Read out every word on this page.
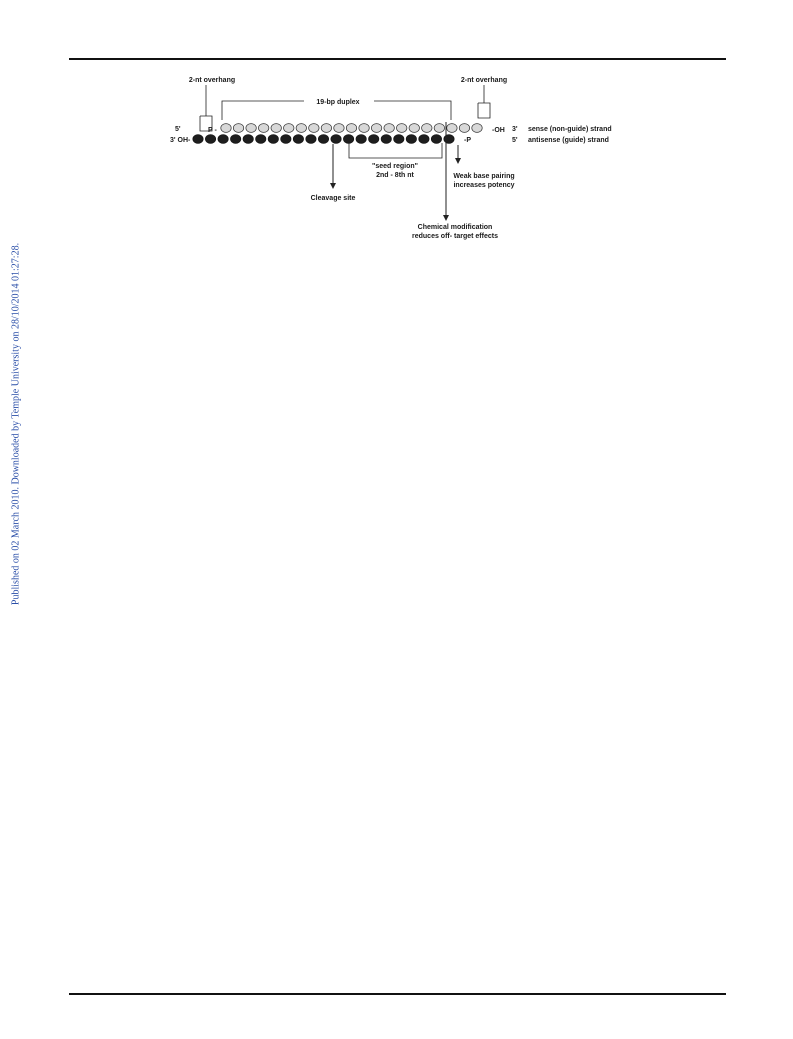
Published on 02 March 2010. Downloaded by Temple University on 28/10/2014 01:27:28.
2-nt overhang	2-nt overhang
19-bp duplex
5'
3' OH-
P -	-OH
-P
3'
5'
sense (non-guide) strand
antisense (guide) strand
"seed region"
2nd - 8th nt
Cleavage site
Weak base pairing
increases potency
Chemical modification
reduces off- target effects
